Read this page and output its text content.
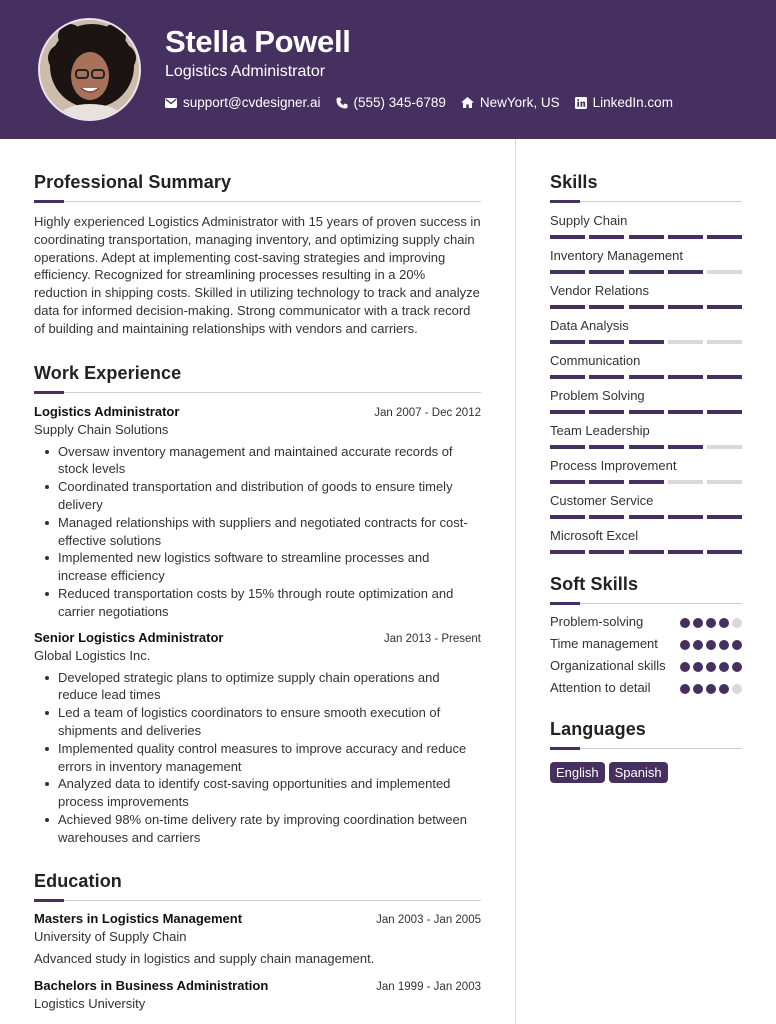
Stella Powell
Logistics Administrator
support@cvdesigner.ai (555) 345-6789	NewYork, US LinkedIn.com
Professional Summary

Highly experienced Logistics Administrator with 15 years of proven success in coordinating transportation, managing inventory, and optimizing supply chain operations. Adept at implementing cost-saving strategies and improving efficiency. Recognized for streamlining processes resulting in a 20% reduction in shipping costs. Skilled in utilizing technology to track and analyze data for informed decision-making. Strong communicator with a track record of building and maintaining relationships with vendors and carriers.

Work Experience
Logistics Administrator	Jan 2007 - Dec 2012
Supply Chain Solutions
Oversaw inventory management and maintained accurate records of stock levels
Coordinated transportation and distribution of goods to ensure timely delivery
Managed relationships with suppliers and negotiated contracts for cost-effective solutions
Implemented new logistics software to streamline processes and increase efficiency
Reduced transportation costs by 15% through route optimization and carrier negotiations
Senior Logistics Administrator	Jan 2013 - Present
Global Logistics Inc.
Developed strategic plans to optimize supply chain operations and reduce lead times
Led a team of logistics coordinators to ensure smooth execution of shipments and deliveries
Implemented quality control measures to improve accuracy and reduce errors in inventory management
Analyzed data to identify cost-saving opportunities and implemented process improvements
Achieved 98% on-time delivery rate by improving coordination between warehouses and carriers
Education
Masters in Logistics Management	Jan 2003 - Jan 2005
University of Supply Chain
Advanced study in logistics and supply chain management.
Bachelors in Business Administration	Jan 1999 - Jan 2003
Logistics University
Skills
Supply Chain
Inventory Management
Vendor Relations
Data Analysis
Communication
Problem Solving
Team Leadership
Process Improvement
Customer Service
Microsoft Excel
Soft Skills
Problem-solving
Time management
Organizational skills
Attention to detail
Languages
English	Spanish
